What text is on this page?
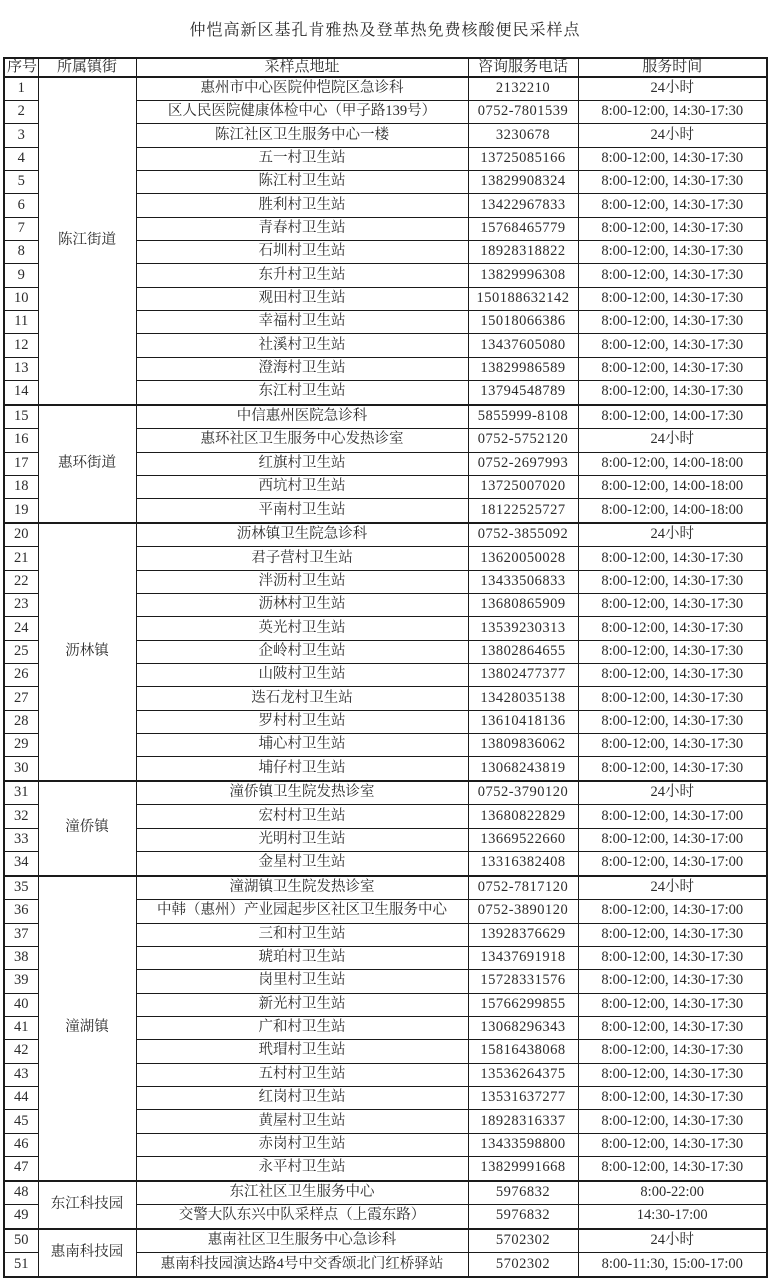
仲恺高新区基孔肯雅热及登革热免费核酸便民采样点
序号	所属镇街	采样点地址	咨询服务电话	服务时间
1	陈江街道	惠州市中心医院仲恺院区急诊科	2132210	24小时
2		区人民医院健康体检中心（甲子路139号）	0752-7801539	8:00-12:00, 14:30-17:30
3		陈江社区卫生服务中心一楼	3230678	24小时
4		五一村卫生站	13725085166	8:00-12:00, 14:30-17:30
5		陈江村卫生站	13829908324	8:00-12:00, 14:30-17:30
6		胜利村卫生站	13422967833	8:00-12:00, 14:30-17:30
7		青春村卫生站	15768465779	8:00-12:00, 14:30-17:30
8		石圳村卫生站	18928318822	8:00-12:00, 14:30-17:30
9		东升村卫生站	13829996308	8:00-12:00, 14:30-17:30
10		观田村卫生站	150188632142	8:00-12:00, 14:30-17:30
11		幸福村卫生站	15018066386	8:00-12:00, 14:30-17:30
12		社溪村卫生站	13437605080	8:00-12:00, 14:30-17:30
13		澄海村卫生站	13829986589	8:00-12:00, 14:30-17:30
14		东江村卫生站	13794548789	8:00-12:00, 14:30-17:30
15	惠环街道	中信惠州医院急诊科	5855999-8108	8:00-12:00, 14:00-17:30
16		惠环社区卫生服务中心发热诊室	0752-5752120	24小时
17		红旗村卫生站	0752-2697993	8:00-12:00, 14:00-18:00
18		西坑村卫生站	13725007020	8:00-12:00, 14:00-18:00
19		平南村卫生站	18122525727	8:00-12:00, 14:00-18:00
20	沥林镇	沥林镇卫生院急诊科	0752-3855092	24小时
21		君子营村卫生站	13620050028	8:00-12:00, 14:30-17:30
22		泮沥村卫生站	13433506833	8:00-12:00, 14:30-17:30
23		沥林村卫生站	13680865909	8:00-12:00, 14:30-17:30
24		英光村卫生站	13539230313	8:00-12:00, 14:30-17:30
25		企岭村卫生站	13802864655	8:00-12:00, 14:30-17:30
26		山陂村卫生站	13802477377	8:00-12:00, 14:30-17:30
27		迭石龙村卫生站	13428035138	8:00-12:00, 14:30-17:30
28		罗村村卫生站	13610418136	8:00-12:00, 14:30-17:30
29		埔心村卫生站	13809836062	8:00-12:00, 14:30-17:30
30		埔仔村卫生站	13068243819	8:00-12:00, 14:30-17:30
31	潼侨镇	潼侨镇卫生院发热诊室	0752-3790120	24小时
32		宏村村卫生站	13680822829	8:00-12:00, 14:30-17:00
33		光明村卫生站	13669522660	8:00-12:00, 14:30-17:00
34		金星村卫生站	13316382408	8:00-12:00, 14:30-17:00
35	潼湖镇	潼湖镇卫生院发热诊室	0752-7817120	24小时
36		中韩（惠州）产业园起步区社区卫生服务中心	0752-3890120	8:00-12:00, 14:30-17:00
37		三和村卫生站	13928376629	8:00-12:00, 14:30-17:30
38		琥珀村卫生站	13437691918	8:00-12:00, 14:30-17:30
39		岗里村卫生站	15728331576	8:00-12:00, 14:30-17:30
40		新光村卫生站	15766299855	8:00-12:00, 14:30-17:30
41		广和村卫生站	13068296343	8:00-12:00, 14:30-17:30
42		玳瑁村卫生站	15816438068	8:00-12:00, 14:30-17:30
43		五村村卫生站	13536264375	8:00-12:00, 14:30-17:30
44		红岗村卫生站	13531637277	8:00-12:00, 14:30-17:30
45		黄屋村卫生站	18928316337	8:00-12:00, 14:30-17:30
46		赤岗村卫生站	13433598800	8:00-12:00, 14:30-17:30
47		永平村卫生站	13829991668	8:00-12:00, 14:30-17:30
48	东江科技园	东江社区卫生服务中心	5976832	8:00-22:00
49		交警大队东兴中队采样点（上霞东路）	5976832	14:30-17:00
50	惠南科技园	惠南社区卫生服务中心急诊科	5702302	24小时
51		惠南科技园演达路4号中交香颂北门红桥驿站	5702302	8:00-11:30, 15:00-17:00
